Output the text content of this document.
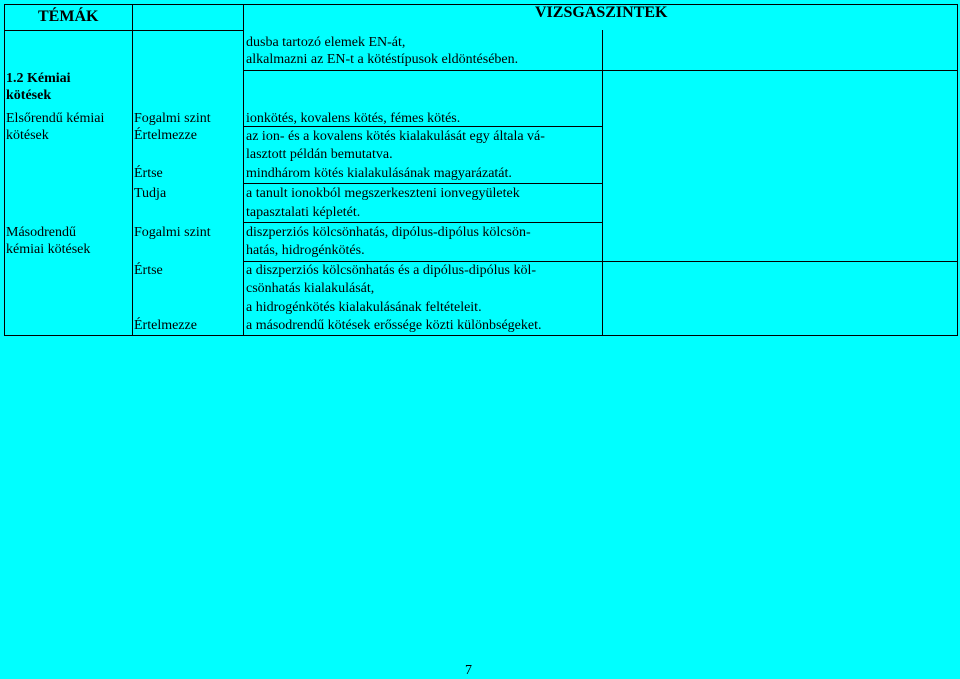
TÉMÁK	VIZSGASZINTEK
dusba tartozó elemek EN-át,
alkalmazni az EN-t a kötéstípusok eldöntésében.
1.2 Kémiai
kötések
Elsőrendű kémiai
kötések
Másodrendű
kémiai kötések
Fogalmi szint
Értelmezze
Értse
Tudja
Fogalmi szint
Értse
Értelmezze
ionkötés, kovalens kötés, fémes kötés.
az ion- és a kovalens kötés kialakulását egy általa vá-
lasztott példán bemutatva.
mindhárom kötés kialakulásának magyarázatát.
a tanult ionokból megszerkeszteni ionvegyületek
tapasztalati képletét.
diszperziós kölcsönhatás, dipólus-dipólus kölcsön-
hatás, hidrogénkötés.
a diszperziós kölcsönhatás és a dipólus-dipólus köl-
csönhatás kialakulását,
a hidrogénkötés kialakulásának feltételeit.
a másodrendű kötések erőssége közti különbségeket.
7
